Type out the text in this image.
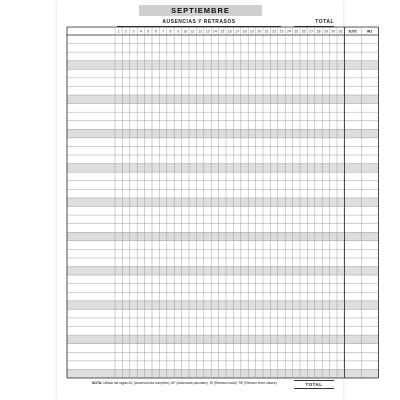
SEPTIEMBRE
AUSENCIAS Y RETRASOS	TOTAL
1 2 3 4 5 6 7 8 9 10 11 12 13 14 15 16 17 18 19 20 21 22 23 24 25 26 27 28 29 30 31 JUST.	INJ.
TOTAL
NOTA: Utilizar las siglas AC (Ausencia día completo), AP (Ausencias parciales), RI (Retraso inicial), RE (Retraso entre clases).
